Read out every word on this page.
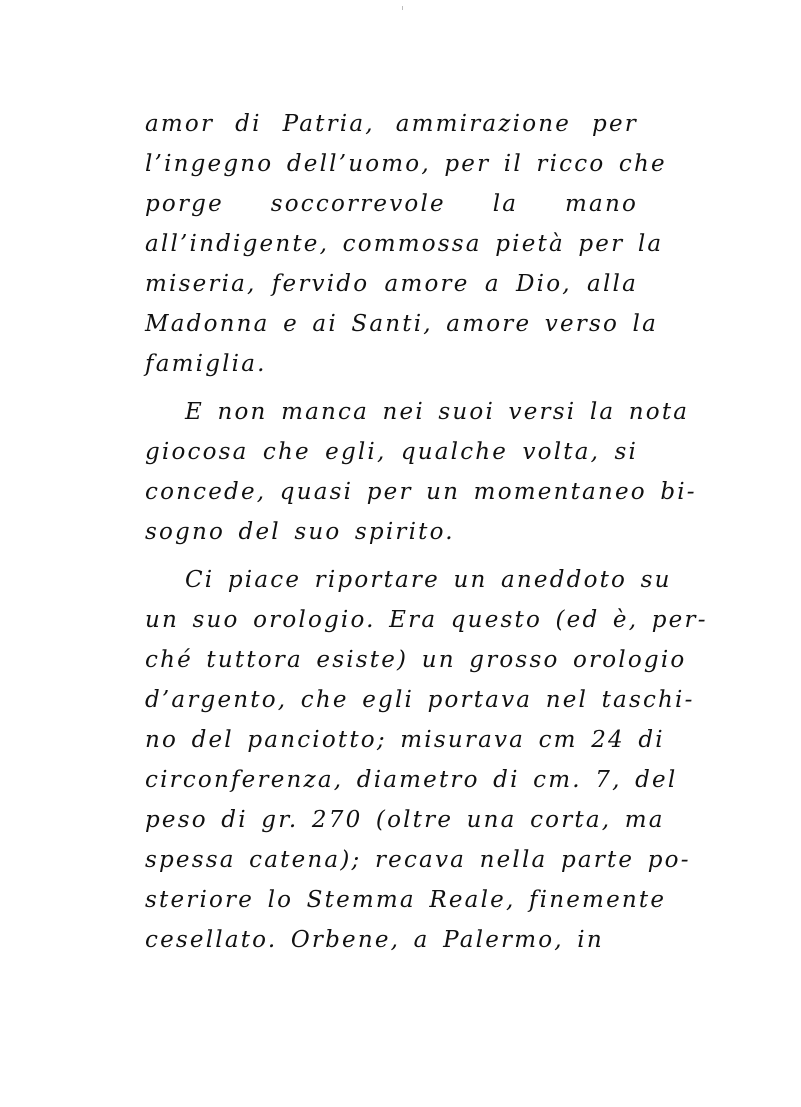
amor di Patria, ammirazione per
l’ingegno dell’uomo, per il ricco che
porge soccorrevole la mano
all’indigente, commossa pietà per la
miseria, fervido amore a Dio, alla
Madonna e ai Santi, amore verso la
famiglia.
E non manca nei suoi versi la nota
giocosa che egli, qualche volta, si
concede, quasi per un momentaneo bi-
sogno del suo spirito.
Ci piace riportare un aneddoto su
un suo orologio. Era questo (ed è, per-
ché tuttora esiste) un grosso orologio
d’argento, che egli portava nel taschi-
no del panciotto; misurava cm 24 di
circonferenza, diametro di cm. 7, del
peso di gr. 270 (oltre una corta, ma
spessa catena); recava nella parte po-
steriore lo Stemma Reale, finemente
cesellato. Orbene, a Palermo, in
